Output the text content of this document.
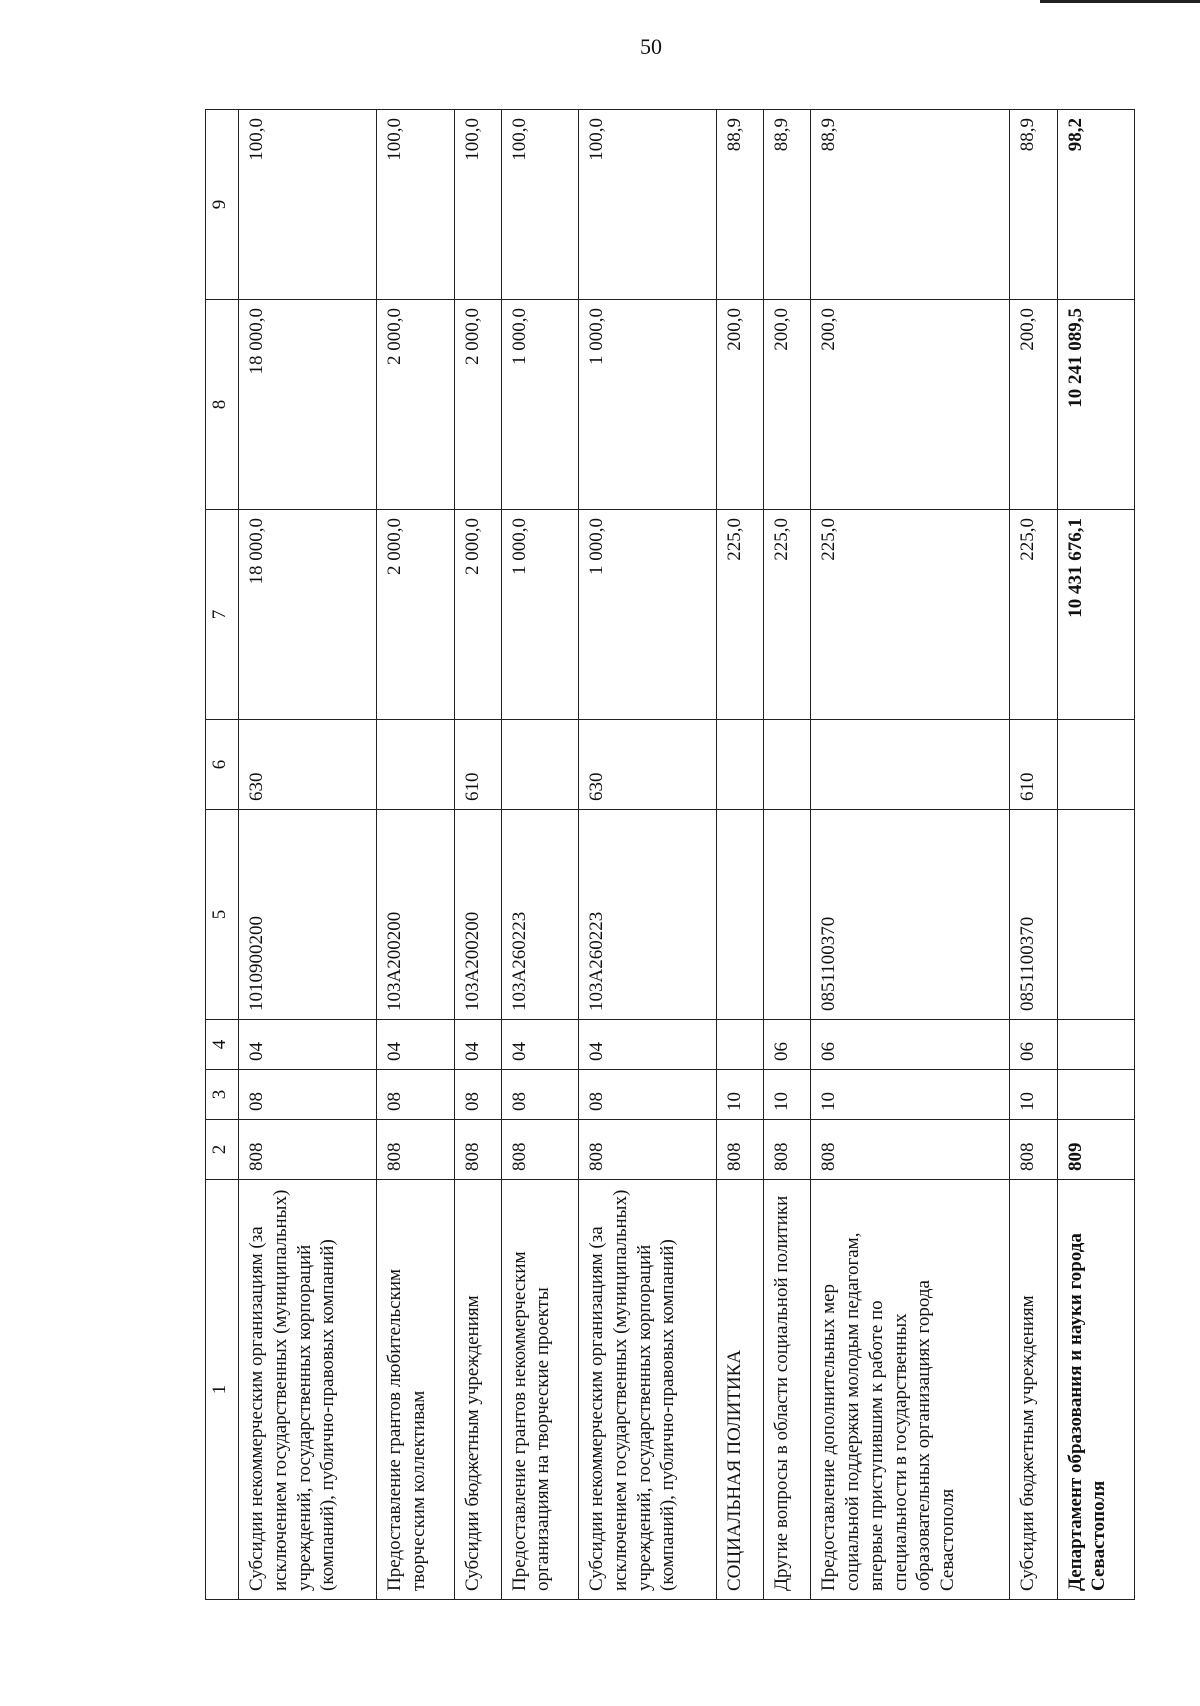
50
1	2	3	4	5	6	7	8	9
Субсидии некоммерческим организациям (за исключением государственных (муниципальных) учреждений, государственных корпораций (компаний), публично-правовых компаний)	808	08	04	1010900200	630	18 000,0	18 000,0	100,0
Предоставление грантов любительским творческим коллективам	808	08	04	103А200200		2 000,0	2 000,0	100,0
Субсидии бюджетным учреждениям	808	08	04	103А200200	610	2 000,0	2 000,0	100,0
Предоставление грантов некоммерческим организациям на творческие проекты	808	08	04	103А260223		1 000,0	1 000,0	100,0
Субсидии некоммерческим организациям (за исключением государственных (муниципальных) учреждений, государственных корпораций (компаний), публично-правовых компаний)	808	08	04	103А260223	630	1 000,0	1 000,0	100,0
СОЦИАЛЬНАЯ ПОЛИТИКА	808	10				225,0	200,0	88,9
Другие вопросы в области социальной политики	808	10	06			225,0	200,0	88,9
Предоставление дополнительных мер социальной поддержки молодым педагогам, впервые приступившим к работе по специальности в государственных образовательных организациях города Севастополя	808	10	06	0851100370		225,0	200,0	88,9
Субсидии бюджетным учреждениям	808	10	06	0851100370	610	225,0	200,0	88,9
Департамент образования и науки города Севастополя	809					10 431 676,1	10 241 089,5	98,2
